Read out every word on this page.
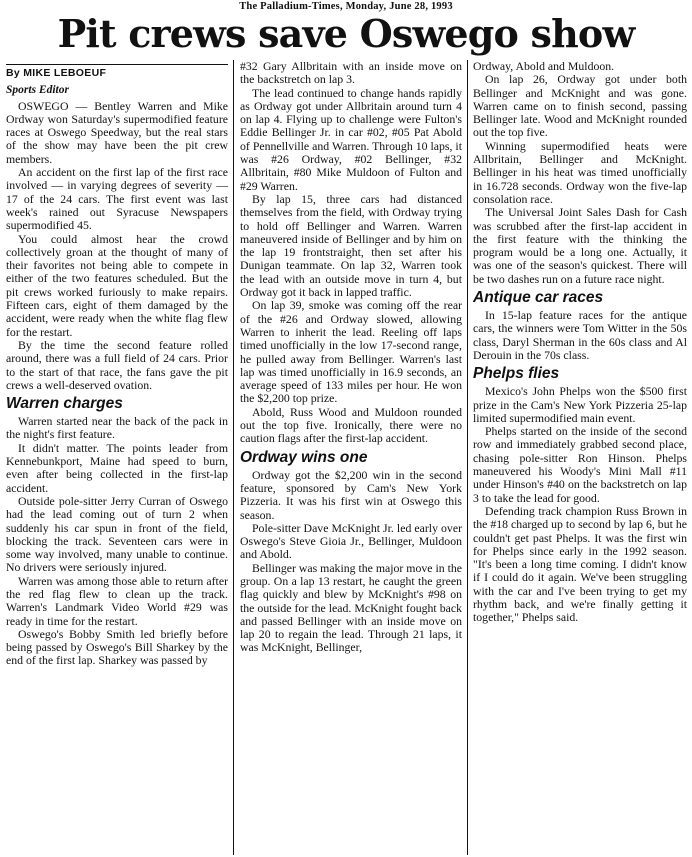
The Palladium-Times, Monday, June 28, 1993
Pit crews save Oswego show
By MIKE LEBOEUF
Sports Editor

OSWEGO — Bentley Warren and Mike Ordway won Saturday's supermodified feature races at Oswego Speedway, but the real stars of the show may have been the pit crew members.

An accident on the first lap of the first race involved — in varying degrees of severity — 17 of the 24 cars. The first event was last week's rained out Syracuse Newspapers supermodified 45.

You could almost hear the crowd collectively groan at the thought of many of their favorites not being able to compete in either of the two features scheduled. But the pit crews worked furiously to make repairs. Fifteen cars, eight of them damaged by the accident, were ready when the white flag flew for the restart.

By the time the second feature rolled around, there was a full field of 24 cars. Prior to the start of that race, the fans gave the pit crews a well-deserved ovation.

Warren charges

Warren started near the back of the pack in the night's first feature.

It didn't matter. The points leader from Kennebunkport, Maine had speed to burn, even after being collected in the first-lap accident.

Outside pole-sitter Jerry Curran of Oswego had the lead coming out of turn 2 when suddenly his car spun in front of the field, blocking the track. Seventeen cars were in some way involved, many unable to continue. No drivers were seriously injured.

Warren was among those able to return after the red flag flew to clean up the track. Warren's Landmark Video World #29 was ready in time for the restart.

Oswego's Bobby Smith led briefly before being passed by Oswego's Bill Sharkey by the end of the first lap. Sharkey was passed by

#32 Gary Allbritain with an inside move on the backstretch on lap 3.

The lead continued to change hands rapidly as Ordway got under Allbritain around turn 4 on lap 4. Flying up to challenge were Fulton's Eddie Bellinger Jr. in car #02, #05 Pat Abold of Pennellville and Warren. Through 10 laps, it was #26 Ordway, #02 Bellinger, #32 Allbritain, #80 Mike Muldoon of Fulton and #29 Warren.

By lap 15, three cars had distanced themselves from the field, with Ordway trying to hold off Bellinger and Warren. Warren maneuvered inside of Bellinger and by him on the lap 19 frontstraight, then set after his Dunigan teammate. On lap 32, Warren took the lead with an outside move in turn 4, but Ordway got it back in lapped traffic.

On lap 39, smoke was coming off the rear of the #26 and Ordway slowed, allowing Warren to inherit the lead. Reeling off laps timed unofficially in the low 17-second range, he pulled away from Bellinger. Warren's last lap was timed unofficially in 16.9 seconds, an average speed of 133 miles per hour. He won the $2,200 top prize.

Abold, Russ Wood and Muldoon rounded out the top five. Ironically, there were no caution flags after the first-lap accident.

Ordway wins one

Ordway got the $2,200 win in the second feature, sponsored by Cam's New York Pizzeria. It was his first win at Oswego this season.

Pole-sitter Dave McKnight Jr. led early over Oswego's Steve Gioia Jr., Bellinger, Muldoon and Abold.

Bellinger was making the major move in the group. On a lap 13 restart, he caught the green flag quickly and blew by McKnight's #98 on the outside for the lead. McKnight fought back and passed Bellinger with an inside move on lap 20 to regain the lead. Through 21 laps, it was McKnight, Bellinger,

Ordway, Abold and Muldoon.

On lap 26, Ordway got under both Bellinger and McKnight and was gone. Warren came on to finish second, passing Bellinger late. Wood and McKnight rounded out the top five.

Winning supermodified heats were Allbritain, Bellinger and McKnight. Bellinger in his heat was timed unofficially in 16.728 seconds. Ordway won the five-lap consolation race.

The Universal Joint Sales Dash for Cash was scrubbed after the first-lap accident in the first feature with the thinking the program would be a long one. Actually, it was one of the season's quickest. There will be two dashes run on a future race night.

Antique car races

In 15-lap feature races for the antique cars, the winners were Tom Witter in the 50s class, Daryl Sherman in the 60s class and Al Derouin in the 70s class.

Phelps flies

Mexico's John Phelps won the $500 first prize in the Cam's New York Pizzeria 25-lap limited supermodified main event.

Phelps started on the inside of the second row and immediately grabbed second place, chasing pole-sitter Ron Hinson. Phelps maneuvered his Woody's Mini Mall #11 under Hinson's #40 on the backstretch on lap 3 to take the lead for good.

Defending track champion Russ Brown in the #18 charged up to second by lap 6, but he couldn't get past Phelps. It was the first win for Phelps since early in the 1992 season. "It's been a long time coming. I didn't know if I could do it again. We've been struggling with the car and I've been trying to get my rhythm back, and we're finally getting it together," Phelps said.
